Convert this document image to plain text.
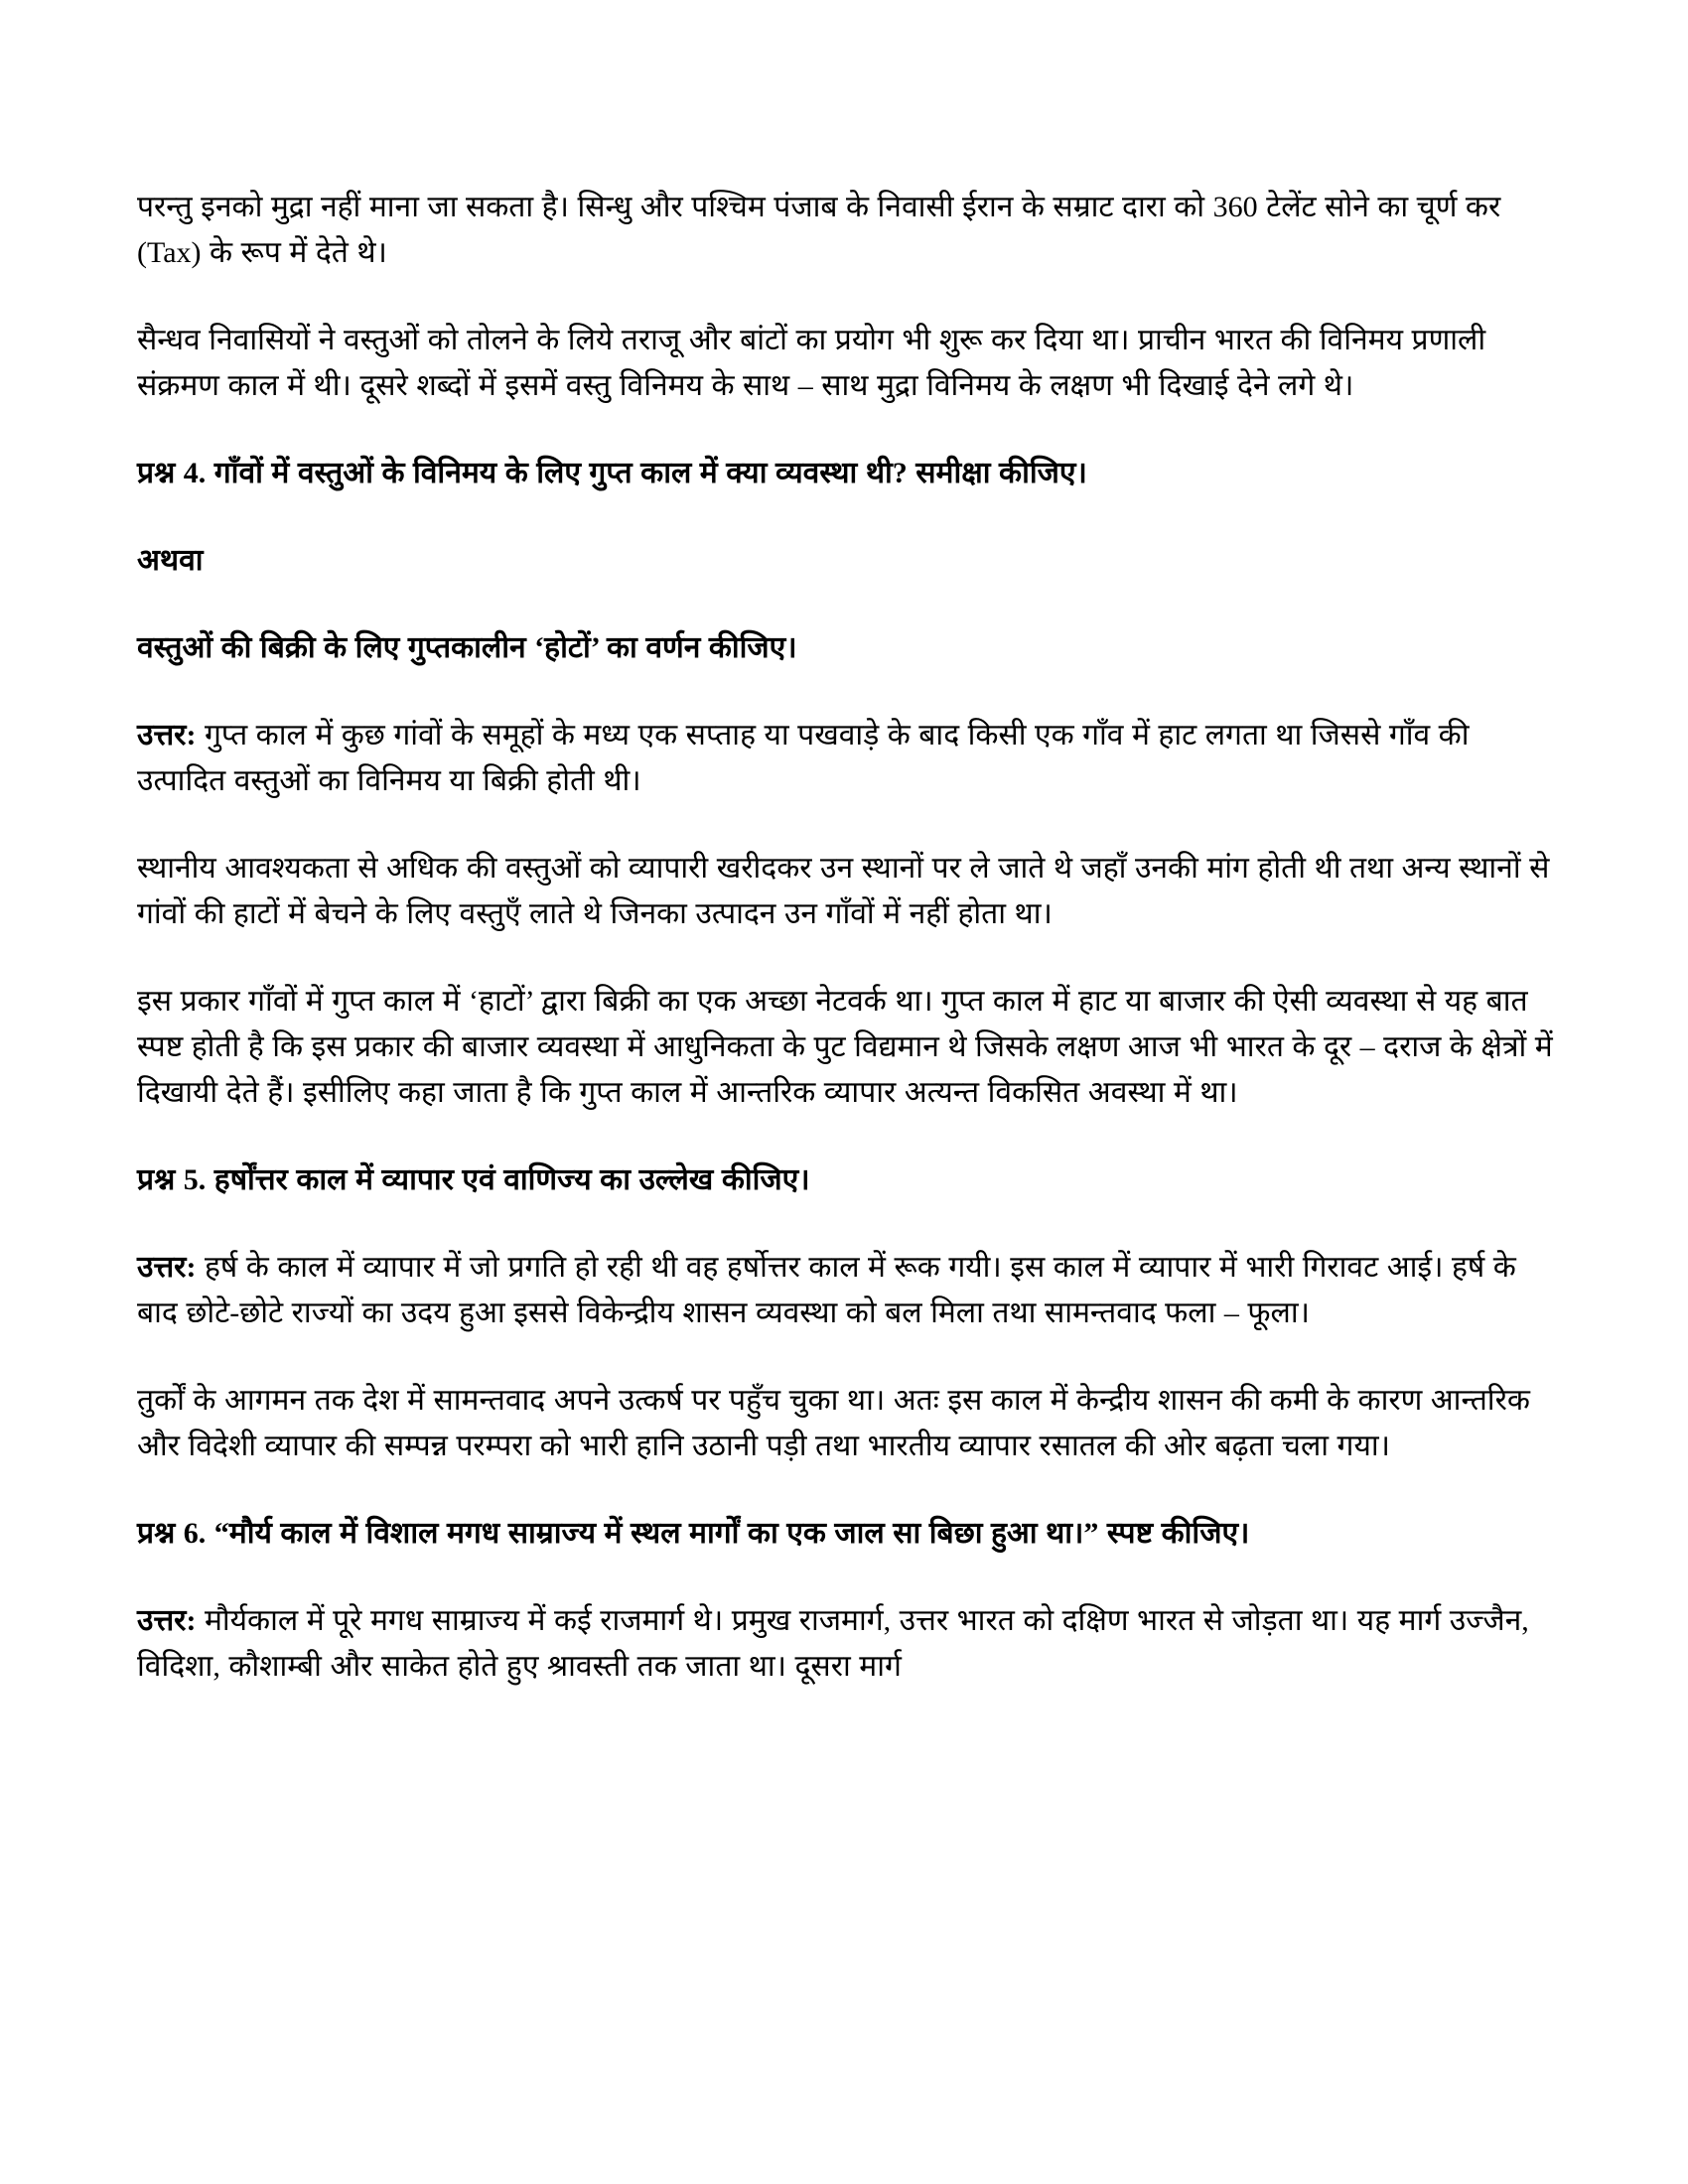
परन्तु इनको मुद्रा नहीं माना जा सकता है। सिन्धु और पश्चिम पंजाब के निवासी ईरान के सम्राट दारा को 360 टेलेंट सोने का चूर्ण कर (Tax) के रूप में देते थे।

सैन्धव निवासियों ने वस्तुओं को तोलने के लिये तराजू और बांटों का प्रयोग भी शुरू कर दिया था। प्राचीन भारत की विनिमय प्रणाली संक्रमण काल में थी। दूसरे शब्दों में इसमें वस्तु विनिमय के साथ – साथ मुद्रा विनिमय के लक्षण भी दिखाई देने लगे थे।

प्रश्न 4. गाँवों में वस्तुओं के विनिमय के लिए गुप्त काल में क्या व्यवस्था थी? समीक्षा कीजिए।

अथवा

वस्तुओं की बिक्री के लिए गुप्तकालीन ‘होटों’ का वर्णन कीजिए।

उत्तर: गुप्त काल में कुछ गांवों के समूहों के मध्य एक सप्ताह या पखवाड़े के बाद किसी एक गाँव में हाट लगता था जिससे गाँव की उत्पादित वस्तुओं का विनिमय या बिक्री होती थी।

स्थानीय आवश्यकता से अधिक की वस्तुओं को व्यापारी खरीदकर उन स्थानों पर ले जाते थे जहाँ उनकी मांग होती थी तथा अन्य स्थानों से गांवों की हाटों में बेचने के लिए वस्तुएँ लाते थे जिनका उत्पादन उन गाँवों में नहीं होता था।

इस प्रकार गाँवों में गुप्त काल में ‘हाटों’ द्वारा बिक्री का एक अच्छा नेटवर्क था। गुप्त काल में हाट या बाजार की ऐसी व्यवस्था से यह बात स्पष्ट होती है कि इस प्रकार की बाजार व्यवस्था में आधुनिकता के पुट विद्यमान थे जिसके लक्षण आज भी भारत के दूर – दराज के क्षेत्रों में दिखायी देते हैं। इसीलिए कहा जाता है कि गुप्त काल में आन्तरिक व्यापार अत्यन्त विकसित अवस्था में था।

प्रश्न 5. हर्षोंत्तर काल में व्यापार एवं वाणिज्य का उल्लेख कीजिए।

उत्तर: हर्ष के काल में व्यापार में जो प्रगति हो रही थी वह हर्षोत्तर काल में रूक गयी। इस काल में व्यापार में भारी गिरावट आई। हर्ष के बाद छोटे-छोटे राज्यों का उदय हुआ इससे विकेन्द्रीय शासन व्यवस्था को बल मिला तथा सामन्तवाद फला – फूला।

तुर्कों के आगमन तक देश में सामन्तवाद अपने उत्कर्ष पर पहुँच चुका था। अतः इस काल में केन्द्रीय शासन की कमी के कारण आन्तरिक और विदेशी व्यापार की सम्पन्न परम्परा को भारी हानि उठानी पड़ी तथा भारतीय व्यापार रसातल की ओर बढ़ता चला गया।

प्रश्न 6. “मौर्य काल में विशाल मगध साम्राज्य में स्थल मार्गों का एक जाल सा बिछा हुआ था।” स्पष्ट कीजिए।

उत्तर: मौर्यकाल में पूरे मगध साम्राज्य में कई राजमार्ग थे। प्रमुख राजमार्ग, उत्तर भारत को दक्षिण भारत से जोड़ता था। यह मार्ग उज्जैन, विदिशा, कौशाम्बी और साकेत होते हुए श्रावस्ती तक जाता था। दूसरा मार्ग
